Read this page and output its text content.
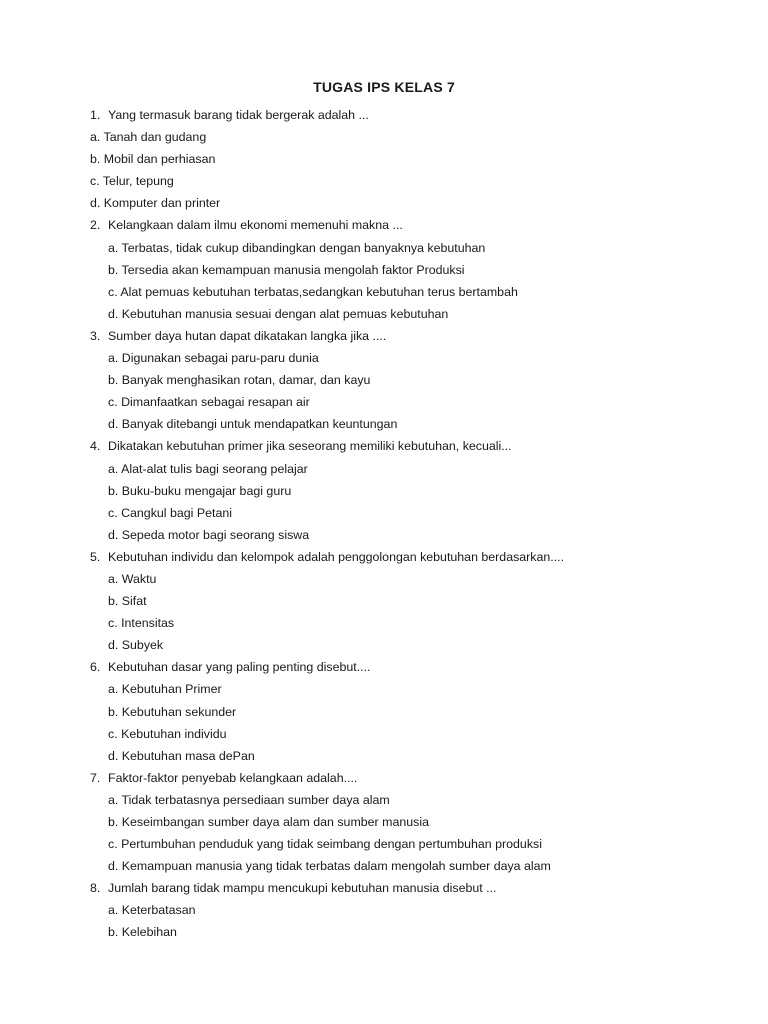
TUGAS IPS KELAS 7
1. Yang termasuk barang tidak bergerak adalah ...
a. Tanah dan gudang
b. Mobil dan perhiasan
c. Telur, tepung
d. Komputer dan printer
2. Kelangkaan dalam ilmu ekonomi memenuhi makna ...
a. Terbatas, tidak cukup dibandingkan dengan banyaknya kebutuhan
b. Tersedia akan kemampuan manusia mengolah faktor Produksi
c. Alat pemuas kebutuhan terbatas,sedangkan kebutuhan terus bertambah
d. Kebutuhan manusia sesuai dengan alat pemuas kebutuhan
3. Sumber daya hutan dapat dikatakan langka jika ....
a. Digunakan sebagai paru-paru dunia
b. Banyak menghasikan rotan, damar, dan kayu
c. Dimanfaatkan sebagai resapan air
d. Banyak ditebangi untuk mendapatkan keuntungan
4. Dikatakan kebutuhan primer jika seseorang memiliki kebutuhan, kecuali...
a. Alat-alat tulis bagi seorang pelajar
b. Buku-buku mengajar bagi guru
c. Cangkul bagi Petani
d. Sepeda motor bagi seorang siswa
5. Kebutuhan individu dan kelompok adalah penggolongan kebutuhan berdasarkan....
a. Waktu
b. Sifat
c. Intensitas
d. Subyek
6. Kebutuhan dasar yang paling penting disebut....
a. Kebutuhan Primer
b. Kebutuhan sekunder
c. Kebutuhan individu
d. Kebutuhan masa dePan
7. Faktor-faktor penyebab kelangkaan adalah....
a. Tidak terbatasnya persediaan sumber daya alam
b. Keseimbangan sumber daya alam dan sumber manusia
c. Pertumbuhan penduduk yang tidak seimbang dengan pertumbuhan produksi
d. Kemampuan manusia yang tidak terbatas dalam mengolah sumber daya alam
8. Jumlah barang tidak mampu mencukupi kebutuhan manusia disebut ...
a. Keterbatasan
b. Kelebihan
